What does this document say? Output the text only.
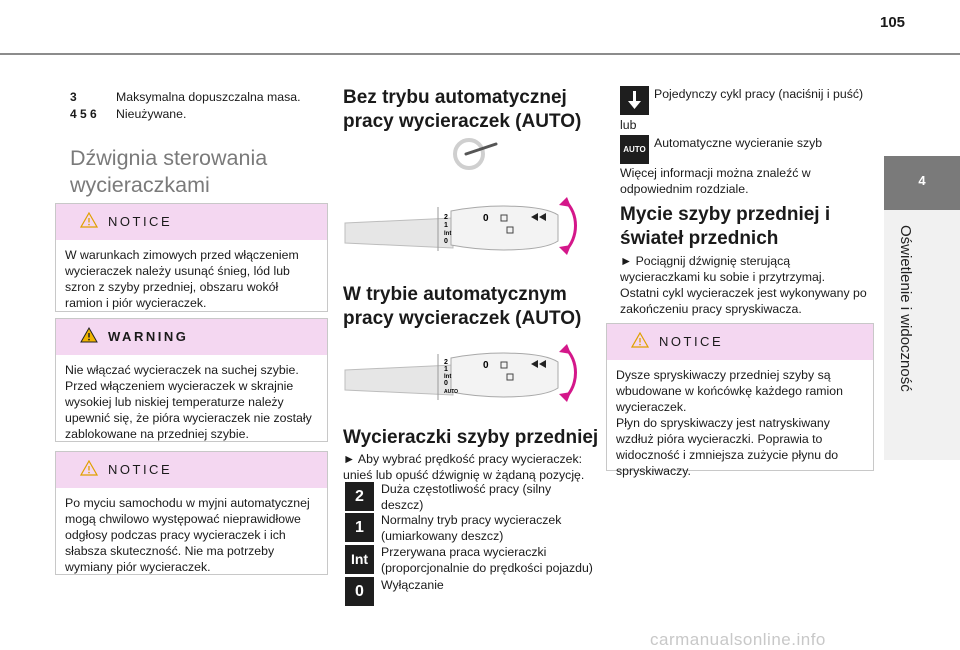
105
4
Oświetlenie i widoczność
3	Maksymalna dopuszczalna masa.
4 5 6 Nieużywane.
Dźwignia sterowania wycieraczkami
NOTICE
W warunkach zimowych przed włączeniem wycieraczek należy usunąć śnieg, lód lub szron z szyby przedniej, obszaru wokół ramion i piór wycieraczek.
WARNING
Nie włączać wycieraczek na suchej szybie. Przed włączeniem wycieraczek w skrajnie wysokiej lub niskiej temperaturze należy upewnić się, że pióra wycieraczek nie zostały zablokowane na przedniej szybie.
NOTICE
Po myciu samochodu w myjni automatycznej mogą chwilowo występować nieprawidłowe odgłosy podczas pracy wycieraczek i ich słabsza skuteczność. Nie ma potrzeby wymiany piór wycieraczek.
Bez trybu automatycznej pracy wycieraczek (AUTO)
2
1
Int
0
0
W trybie automatycznym pracy wycieraczek (AUTO)
2
1
Int
0
AUTO
0
Wycieraczki szyby przedniej
► Aby wybrać prędkość pracy wycieraczek: unieś lub opuść dźwignię w żądaną pozycję.
2	Duża częstotliwość pracy (silny deszcz)
1	Normalny tryb pracy wycieraczek (umiarkowany deszcz)
Int	Przerywana praca wycieraczki (proporcjonalnie do prędkości pojazdu)
0	Wyłączanie
Pojedynczy cykl pracy (naciśnij i puść)
lub
AUTO Automatyczne wycieranie szyb
Więcej informacji można znaleźć w odpowiednim rozdziale.
Mycie szyby przedniej i świateł przednich
► Pociągnij dźwignię sterującą wycieraczkami ku sobie i przytrzymaj.
Ostatni cykl wycieraczek jest wykonywany po zakończeniu pracy spryskiwacza.
NOTICE
Dysze spryskiwaczy przedniej szyby są wbudowane w końcówkę każdego ramion wycieraczek.
Płyn do spryskiwaczy jest natryskiwany wzdłuż pióra wycieraczki. Poprawia to widoczność i zmniejsza zużycie płynu do spryskiwaczy.
carmanualsonline.info
